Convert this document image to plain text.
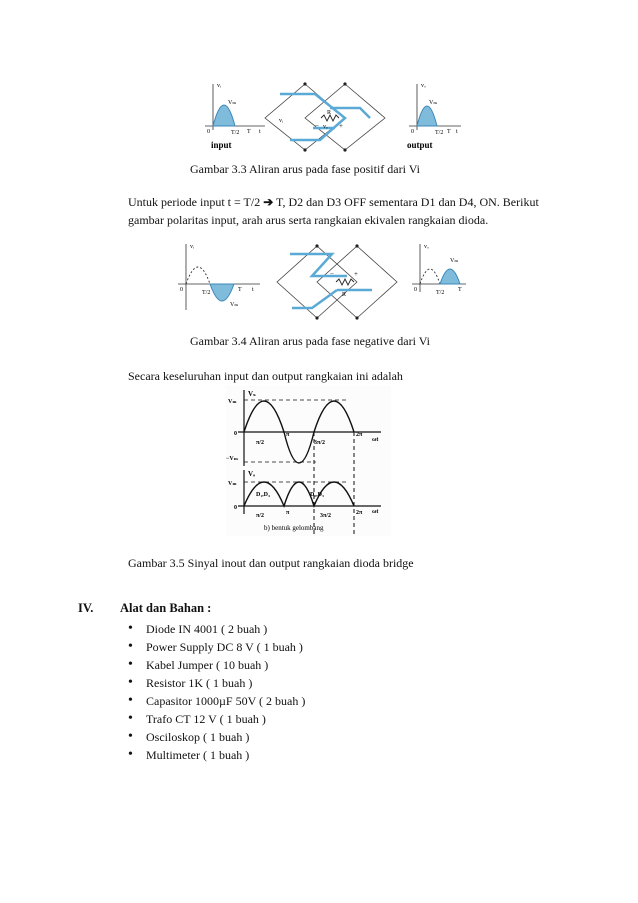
vᵢ
Vₘ
0	T/2 T t
input
vᵢ
R
vₒ
−	+
vₒ
Vₘ
0	T/2 T t
output
Gambar 3.3 Aliran arus pada fase positif dari Vi
Untuk periode input t = T/2 ➔ T, D2 dan D3 OFF sementara D1 dan D4, ON. Berikut gambar polaritas input, arah arus serta rangkaian ekivalen rangkaian dioda.
vᵢ
0	T/2	T t
Vₘ
R
−	+
vₒ
Vₘ
0	T/2 T
Gambar 3.4 Aliran arus pada fase negative dari Vi
Secara keseluruhan input dan output rangkaian ini adalah
Vₛ
Vₘ
−Vₘ
0
π/2
π
3π/2
2π
ωt
Vₒ
Vₘ
0
D₁,D₄	D₂,D₃
π/2	π	3π/2	2π ωt
b) bentuk gelombang
Gambar 3.5 Sinyal inout dan output rangkaian dioda bridge
IV. Alat dan Bahan :
• Diode IN 4001 ( 2 buah )
• Power Supply DC 8 V ( 1 buah )
• Kabel Jumper ( 10 buah )
• Resistor 1K ( 1 buah )
• Capasitor 1000µF 50V ( 2 buah )
• Trafo CT 12 V ( 1 buah )
• Osciloskop ( 1 buah )
• Multimeter ( 1 buah )
